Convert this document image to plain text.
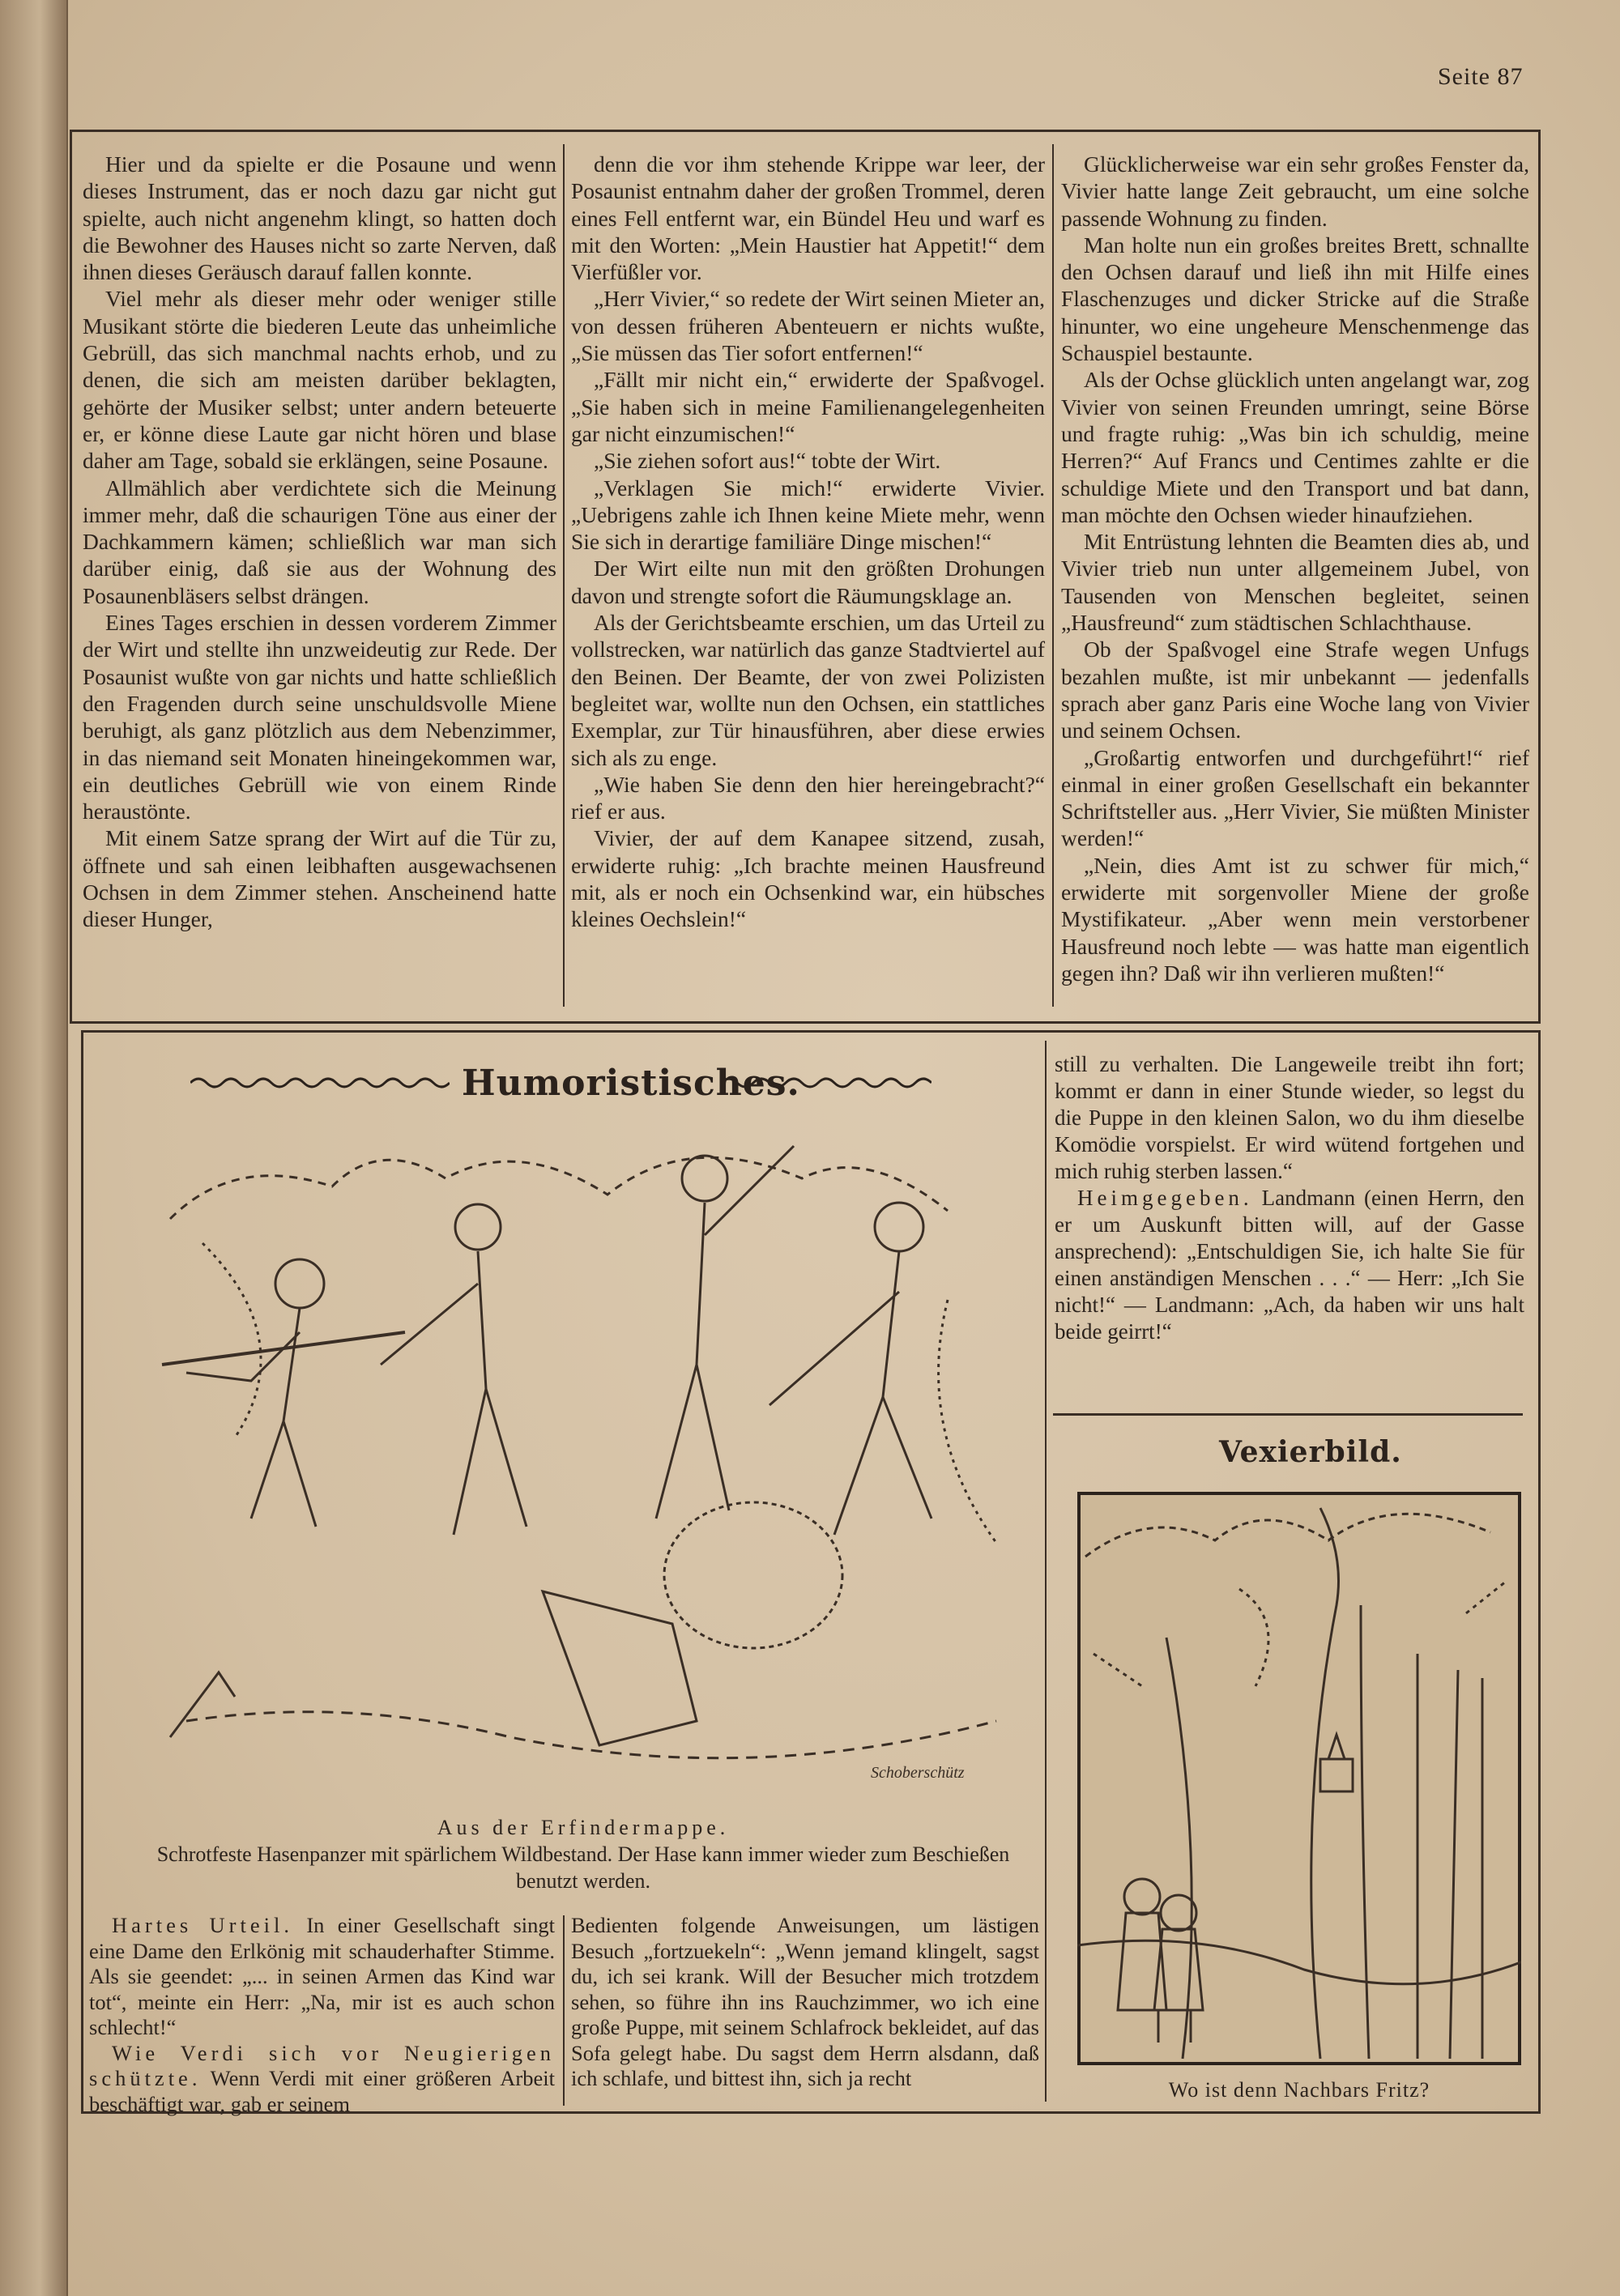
Seite 87

Hier und da spielte er die Posaune und wenn dieses Instrument, das er noch dazu gar nicht gut spielte, auch nicht angenehm klingt, so hatten doch die Bewohner des Hauses nicht so zarte Nerven, daß ihnen dieses Geräusch darauf fallen konnte.

Viel mehr als dieser mehr oder weniger stille Musikant störte die biederen Leute das unheimliche Gebrüll, das sich manchmal nachts erhob, und zu denen, die sich am meisten darüber beklagten, gehörte der Musiker selbst; unter andern beteuerte er, er könne diese Laute gar nicht hören und blase daher am Tage, sobald sie erklängen, seine Posaune.

Allmählich aber verdichtete sich die Meinung immer mehr, daß die schaurigen Töne aus einer der Dachkammern kämen; schließlich war man sich darüber einig, daß sie aus der Wohnung des Posaunenbläsers selbst drängen.

Eines Tages erschien in dessen vorderem Zimmer der Wirt und stellte ihn unzweideutig zur Rede. Der Posaunist wußte von gar nichts und hatte schließlich den Fragenden durch seine unschuldsvolle Miene beruhigt, als ganz plötzlich aus dem Nebenzimmer, in das niemand seit Monaten hineingekommen war, ein deutliches Gebrüll wie von einem Rinde heraustönte.

Mit einem Satze sprang der Wirt auf die Tür zu, öffnete und sah einen leibhaften ausgewachsenen Ochsen in dem Zimmer stehen. Anscheinend hatte dieser Hunger,

denn die vor ihm stehende Krippe war leer, der Posaunist entnahm daher der großen Trommel, deren eines Fell entfernt war, ein Bündel Heu und warf es mit den Worten: „Mein Haustier hat Appetit!“ dem Vierfüßler vor.

„Herr Vivier,“ so redete der Wirt seinen Mieter an, von dessen früheren Abenteuern er nichts wußte, „Sie müssen das Tier sofort entfernen!“

„Fällt mir nicht ein,“ erwiderte der Spaßvogel. „Sie haben sich in meine Familienangelegenheiten gar nicht einzumischen!“

„Sie ziehen sofort aus!“ tobte der Wirt.

„Verklagen Sie mich!“ erwiderte Vivier. „Uebrigens zahle ich Ihnen keine Miete mehr, wenn Sie sich in derartige familiäre Dinge mischen!“

Der Wirt eilte nun mit den größten Drohungen davon und strengte sofort die Räumungsklage an.

Als der Gerichtsbeamte erschien, um das Urteil zu vollstrecken, war natürlich das ganze Stadtviertel auf den Beinen. Der Beamte, der von zwei Polizisten begleitet war, wollte nun den Ochsen, ein stattliches Exemplar, zur Tür hinausführen, aber diese erwies sich als zu enge.

„Wie haben Sie denn den hier hereingebracht?“ rief er aus.

Vivier, der auf dem Kanapee sitzend, zusah, erwiderte ruhig: „Ich brachte meinen Hausfreund mit, als er noch ein Ochsenkind war, ein hübsches kleines Oechslein!“

Glücklicherweise war ein sehr großes Fenster da, Vivier hatte lange Zeit gebraucht, um eine solche passende Wohnung zu finden.

Man holte nun ein großes breites Brett, schnallte den Ochsen darauf und ließ ihn mit Hilfe eines Flaschenzuges und dicker Stricke auf die Straße hinunter, wo eine ungeheure Menschenmenge das Schauspiel bestaunte.

Als der Ochse glücklich unten angelangt war, zog Vivier von seinen Freunden umringt, seine Börse und fragte ruhig: „Was bin ich schuldig, meine Herren?“ Auf Francs und Centimes zahlte er die schuldige Miete und den Transport und bat dann, man möchte den Ochsen wieder hinaufziehen.

Mit Entrüstung lehnten die Beamten dies ab, und Vivier trieb nun unter allgemeinem Jubel, von Tausenden von Menschen begleitet, seinen „Hausfreund“ zum städtischen Schlachthause.

Ob der Spaßvogel eine Strafe wegen Unfugs bezahlen mußte, ist mir unbekannt — jedenfalls sprach aber ganz Paris eine Woche lang von Vivier und seinem Ochsen.

„Großartig entworfen und durchgeführt!“ rief einmal in einer großen Gesellschaft ein bekannter Schriftsteller aus. „Herr Vivier, Sie müßten Minister werden!“

„Nein, dies Amt ist zu schwer für mich,“ erwiderte mit sorgenvoller Miene der große Mystifikateur. „Aber wenn mein verstorbener Hausfreund noch lebte — was hatte man eigentlich gegen ihn? Daß wir ihn verlieren mußten!“

Humoristisches.
Schoberschütz
Aus der Erfindermappe.
Schrotfeste Hasenpanzer mit spärlichem Wildbestand. Der Hase kann immer wieder zum Beschießen benutzt werden.

Hartes Urteil. In einer Gesellschaft singt eine Dame den Erlkönig mit schauderhafter Stimme. Als sie geendet: „... in seinen Armen das Kind war tot“, meinte ein Herr: „Na, mir ist es auch schon schlecht!“

Wie Verdi sich vor Neugierigen schützte. Wenn Verdi mit einer größeren Arbeit beschäftigt war, gab er seinem

Bedienten folgende Anweisungen, um lästigen Besuch „fortzuekeln“: „Wenn jemand klingelt, sagst du, ich sei krank. Will der Besucher mich trotzdem sehen, so führe ihn ins Rauchzimmer, wo ich eine große Puppe, mit seinem Schlafrock bekleidet, auf das Sofa gelegt habe. Du sagst dem Herrn alsdann, daß ich schlafe, und bittest ihn, sich ja recht

still zu verhalten. Die Langeweile treibt ihn fort; kommt er dann in einer Stunde wieder, so legst du die Puppe in den kleinen Salon, wo du ihm dieselbe Komödie vorspielst. Er wird wütend fortgehen und mich ruhig sterben lassen.“

Heimgegeben. Landmann (einen Herrn, den er um Auskunft bitten will, auf der Gasse ansprechend): „Entschuldigen Sie, ich halte Sie für einen anständigen Menschen . . .“ — Herr: „Ich Sie nicht!“ — Landmann: „Ach, da haben wir uns halt beide geirrt!“

Vexierbild.
Wo ist denn Nachbars Fritz?
